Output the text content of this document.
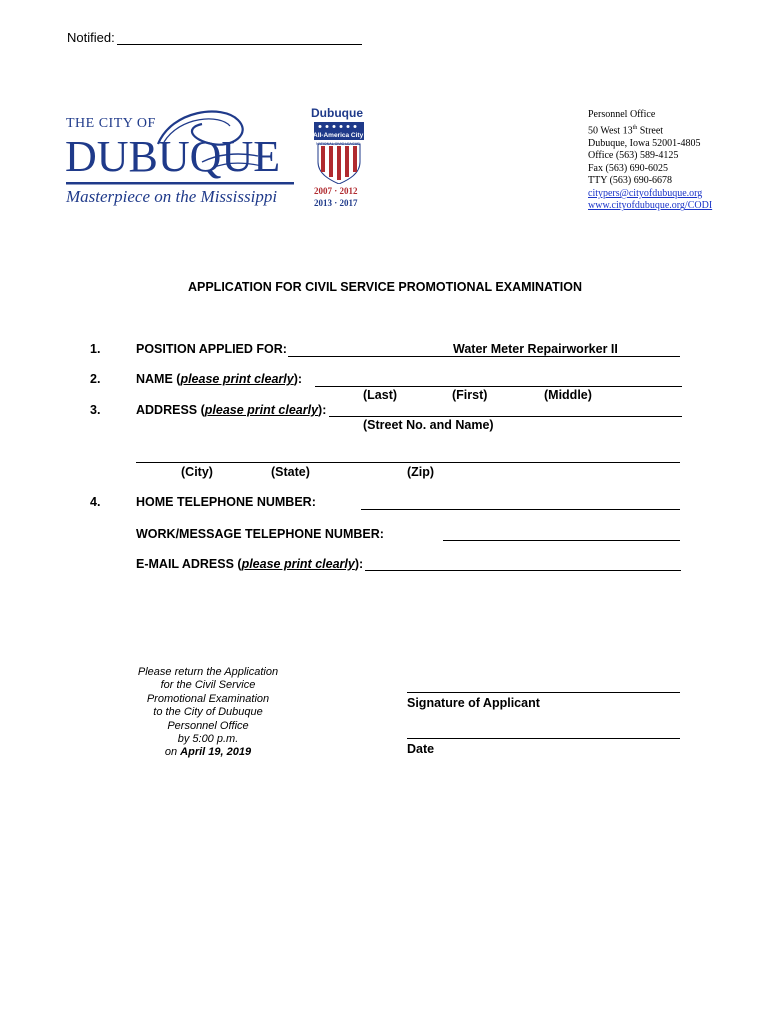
Notified:
THE CITY OF
DUBUQUE
Masterpiece on the Mississippi
Dubuque
All-America City
NATIONAL CIVIC LEAGUE
2007 · 2012
2013 · 2017
Personnel Office
50 West 13th Street
Dubuque, Iowa 52001-4805
Office (563) 589-4125
Fax (563) 690-6025
TTY (563) 690-6678
citypers@cityofdubuque.org
www.cityofdubuque.org/CODI
APPLICATION FOR CIVIL SERVICE PROMOTIONAL EXAMINATION
1.	POSITION APPLIED FOR:	Water Meter Repairworker II
2.	NAME (please print clearly):
(Last)	(First)	(Middle)
3.	ADDRESS (please print clearly):
(Street No. and Name)
(City)	(State)	(Zip)
4.	HOME TELEPHONE NUMBER:
WORK/MESSAGE TELEPHONE NUMBER:
E-MAIL ADRESS (please print clearly):
Please return the Application
for the Civil Service
Promotional Examination
to the City of Dubuque
Personnel Office
by 5:00 p.m.
on April 19, 2019
Signature of Applicant
Date
